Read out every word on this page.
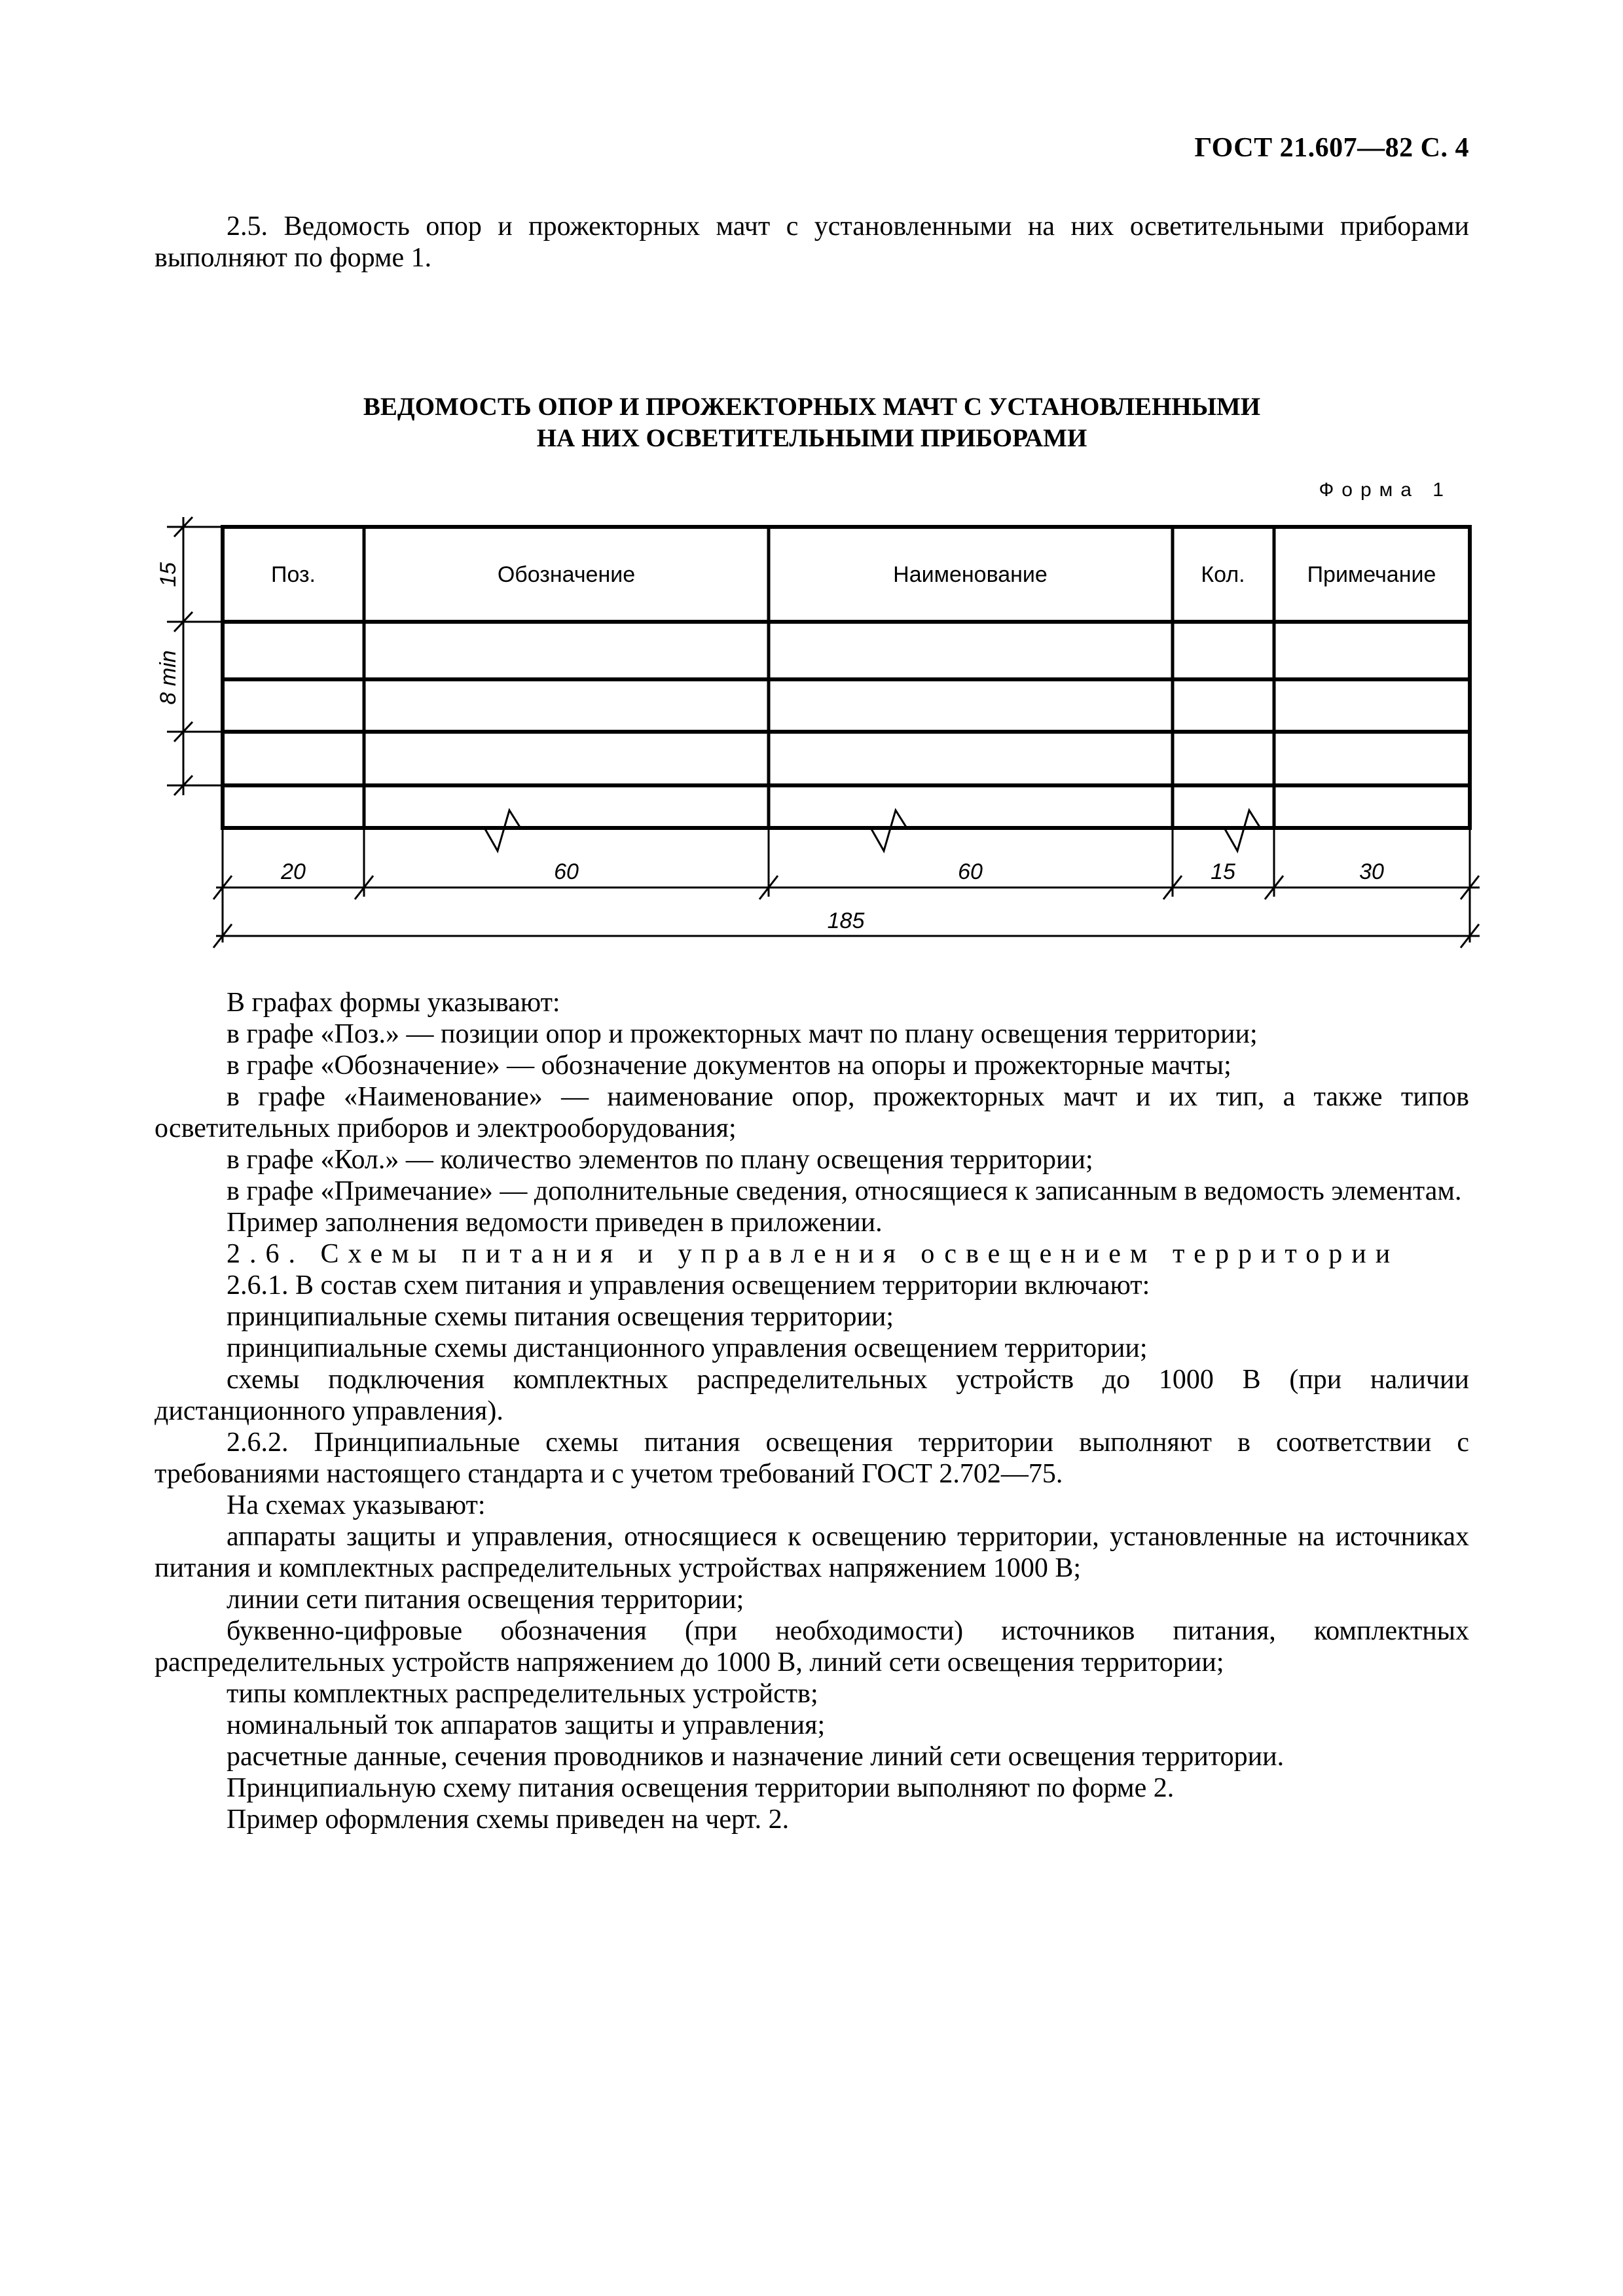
ГОСТ 21.607—82 С. 4
2.5. Ведомость опор и прожекторных мачт с установленными на них осветительными приборами выполняют по форме 1.
ВЕДОМОСТЬ ОПОР И ПРОЖЕКТОРНЫХ МАЧТ С УСТАНОВЛЕННЫМИ
НА НИХ ОСВЕТИТЕЛЬНЫМИ ПРИБОРАМИ
Форма 1
Поз.	Обозначение	Наименование	Кол.	Примечание
20	60	60	15	30
185
15
8 min

В графах формы указывают:

в графе «Поз.» — позиции опор и прожекторных мачт по плану освещения территории;

в графе «Обозначение» — обозначение документов на опоры и прожекторные мачты;

в графе «Наименование» — наименование опор, прожекторных мачт и их тип, а также типов осветительных приборов и электрооборудования;

в графе «Кол.» — количество элементов по плану освещения территории;

в графе «Примечание» — дополнительные сведения, относящиеся к записанным в ведомость элементам.

Пример заполнения ведомости приведен в приложении.

2.6. Схемы питания и управления освещением территории

2.6.1. В состав схем питания и управления освещением территории включают:

принципиальные схемы питания освещения территории;

принципиальные схемы дистанционного управления освещением территории;

схемы подключения комплектных распределительных устройств до 1000 В (при наличии дистанционного управления).

2.6.2. Принципиальные схемы питания освещения территории выполняют в соответствии с требованиями настоящего стандарта и с учетом требований ГОСТ 2.702—75.

На схемах указывают:

аппараты защиты и управления, относящиеся к освещению территории, установленные на источниках питания и комплектных распределительных устройствах напряжением 1000 В;

линии сети питания освещения территории;

буквенно-цифровые обозначения (при необходимости) источников питания, комплектных распределительных устройств напряжением до 1000 В, линий сети освещения территории;

типы комплектных распределительных устройств;

номинальный ток аппаратов защиты и управления;

расчетные данные, сечения проводников и назначение линий сети освещения территории.

Принципиальную схему питания освещения территории выполняют по форме 2.

Пример оформления схемы приведен на черт. 2.
